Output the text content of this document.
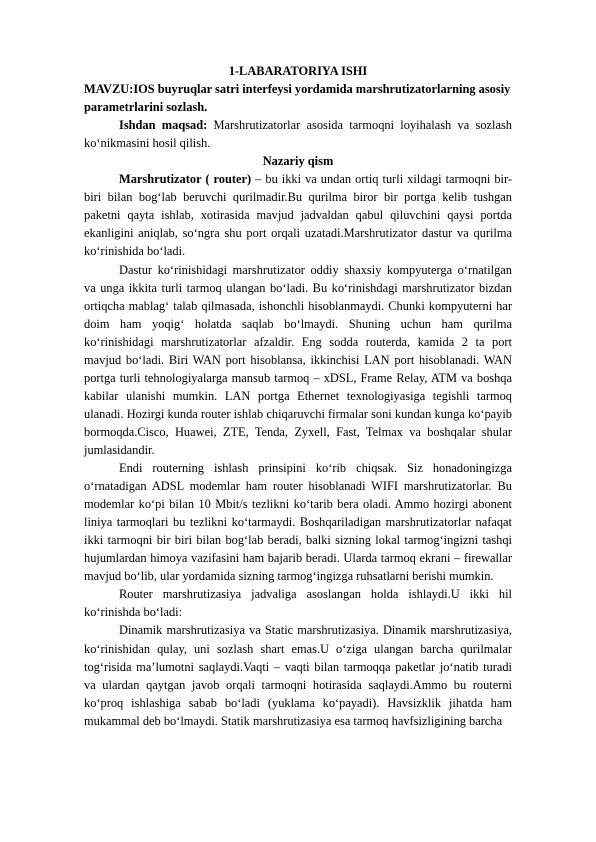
1-LABARATORIYA ISHI

MAVZU:IOS buyruqlar satri interfeysi yordamida marshrutizatorlarning asosiy parametrlarini sozlash.

Ishdan maqsad: Marshrutizatorlar asosida tarmoqni loyihalash va sozlash ko‘nikmasini hosil qilish.

Nazariy qism

Marshrutizator ( router) – bu ikki va undan ortiq turli xildagi tarmoqni bir-biri bilan bog‘lab beruvchi qurilmadir.Bu qurilma biror bir portga kelib tushgan paketni qayta ishlab, xotirasida mavjud jadvaldan qabul qiluvchini qaysi portda ekanligini aniqlab, so‘ngra shu port orqali uzatadi.Marshrutizator dastur va qurilma ko‘rinishida bo‘ladi.

Dastur ko‘rinishidagi marshrutizator oddiy shaxsiy kompyuterga o‘rnatilgan va unga ikkita turli tarmoq ulangan bo‘ladi. Bu ko‘rinishdagi marshrutizator bizdan ortiqcha mablag‘ talab qilmasada, ishonchli hisoblanmaydi. Chunki kompyuterni har doim ham yoqig‘ holatda saqlab bo‘lmaydi. Shuning uchun ham qurilma ko‘rinishidagi marshrutizatorlar afzaldir. Eng sodda routerda, kamida 2 ta port mavjud bo‘ladi. Biri WAN port hisoblansa, ikkinchisi LAN port hisoblanadi. WAN portga turli tehnologiyalarga mansub tarmoq – xDSL, Frame Relay, ATM va boshqa kabilar ulanishi mumkin. LAN portga Ethernet texnologiyasiga tegishli tarmoq ulanadi. Hozirgi kunda router ishlab chiqaruvchi firmalar soni kundan kunga ko‘payib bormoqda.Cisco, Huawei, ZTE, Tenda, Zyxell, Fast, Telmax va boshqalar shular jumlasidandir.

Endi routerning ishlash prinsipini ko‘rib chiqsak. Siz honadoningizga o‘rnatadigan ADSL modemlar ham router hisoblanadi WIFI marshrutizatorlar. Bu modemlar ko‘pi bilan 10 Mbit/s tezlikni ko‘tarib bera oladi. Ammo hozirgi abonent liniya tarmoqlari bu tezlikni ko‘tarmaydi. Boshqariladigan marshrutizatorlar nafaqat ikki tarmoqni bir biri bilan bog‘lab beradi, balki sizning lokal tarmog‘ingizni tashqi hujumlardan himoya vazifasini ham bajarib beradi. Ularda tarmoq ekrani – firewallar mavjud bo‘lib, ular yordamida sizning tarmog‘ingizga ruhsatlarni berishi mumkin.

Router marshrutizasiya jadvaliga asoslangan holda ishlaydi.U ikki hil ko‘rinishda bo‘ladi:

Dinamik marshrutizasiya va Static marshrutizasiya. Dinamik marshrutizasiya, ko‘rinishidan qulay, uni sozlash shart emas.U o‘ziga ulangan barcha qurilmalar tog‘risida ma’lumotni saqlaydi.Vaqti – vaqti bilan tarmoqqa paketlar jo‘natib turadi va ulardan qaytgan javob orqali tarmoqni hotirasida saqlaydi.Ammo bu routerni ko‘proq ishlashiga sabab bo‘ladi (yuklama ko‘payadi). Havsizklik jihatda ham mukammal deb bo‘lmaydi. Statik marshrutizasiya esa tarmoq havfsizligining barcha
